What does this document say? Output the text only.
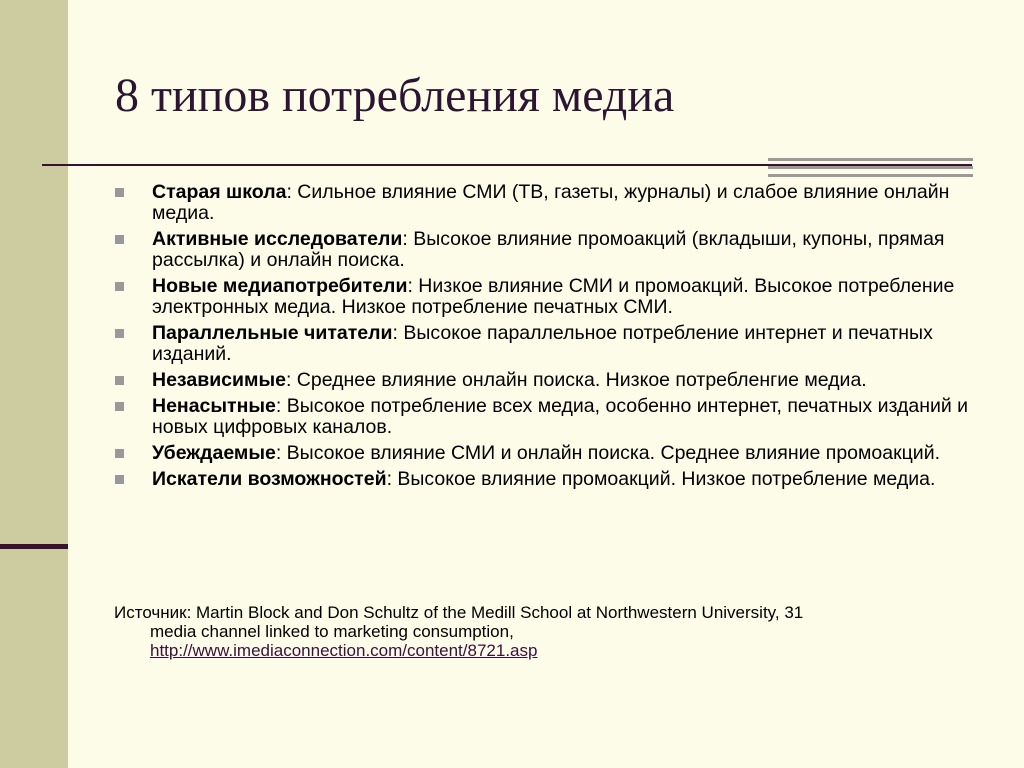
8 типов потребления медиа
Старая школа: Сильное влияние СМИ (ТВ, газеты, журналы) и слабое влияние онлайн медиа.
Активные исследователи: Высокое влияние промоакций (вкладыши, купоны, прямая рассылка) и онлайн поиска.
Новые медиапотребители: Низкое влияние СМИ и промоакций. Высокое потребление электронных медиа. Низкое потребление печатных СМИ.
Параллельные читатели: Высокое параллельное потребление интернет и печатных изданий.
Независимые: Среднее влияние онлайн поиска. Низкое потребленгие медиа.
Ненасытные: Высокое потребление всех медиа, особенно интернет, печатных изданий и новых цифровых каналов.
Убеждаемые: Высокое влияние СМИ и онлайн поиска. Среднее влияние промоакций.
Искатели возможностей: Высокое влияние промоакций. Низкое потребление медиа.
Источник: Martin Block and Don Schultz of the Medill School at Northwestern University, 31
media channel linked to marketing consumption,
http://www.imediaconnection.com/content/8721.asp
